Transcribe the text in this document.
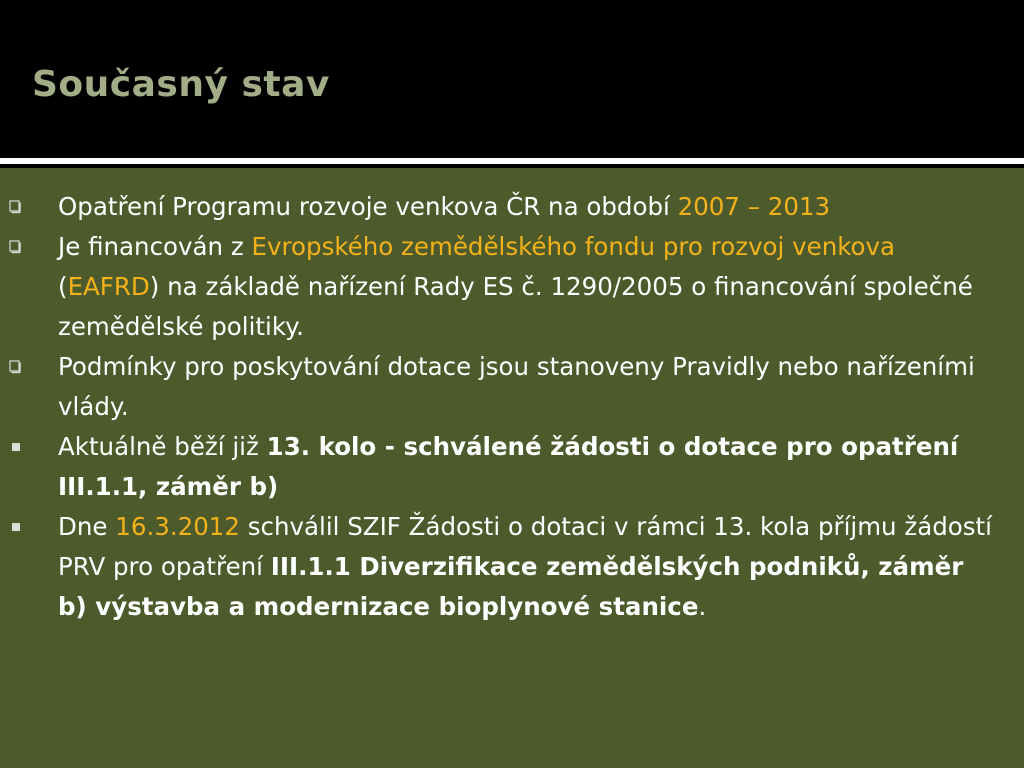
Současný stav
Opatření Programu rozvoje venkova ČR na období 2007 – 2013
Je financován z Evropského zemědělského fondu pro rozvoj venkova (EAFRD) na základě nařízení Rady ES č. 1290/2005 o financování společné zemědělské politiky.
Podmínky pro poskytování dotace jsou stanoveny Pravidly nebo nařízeními vlády.
Aktuálně běží již 13. kolo - schválené žádosti o dotace pro opatření III.1.1, záměr b)
Dne 16.3.2012 schválil SZIF Žádosti o dotaci v rámci 13. kola příjmu žádostí PRV pro opatření III.1.1 Diverzifikace zemědělských podniků, záměr b) výstavba a modernizace bioplynové stanice.
